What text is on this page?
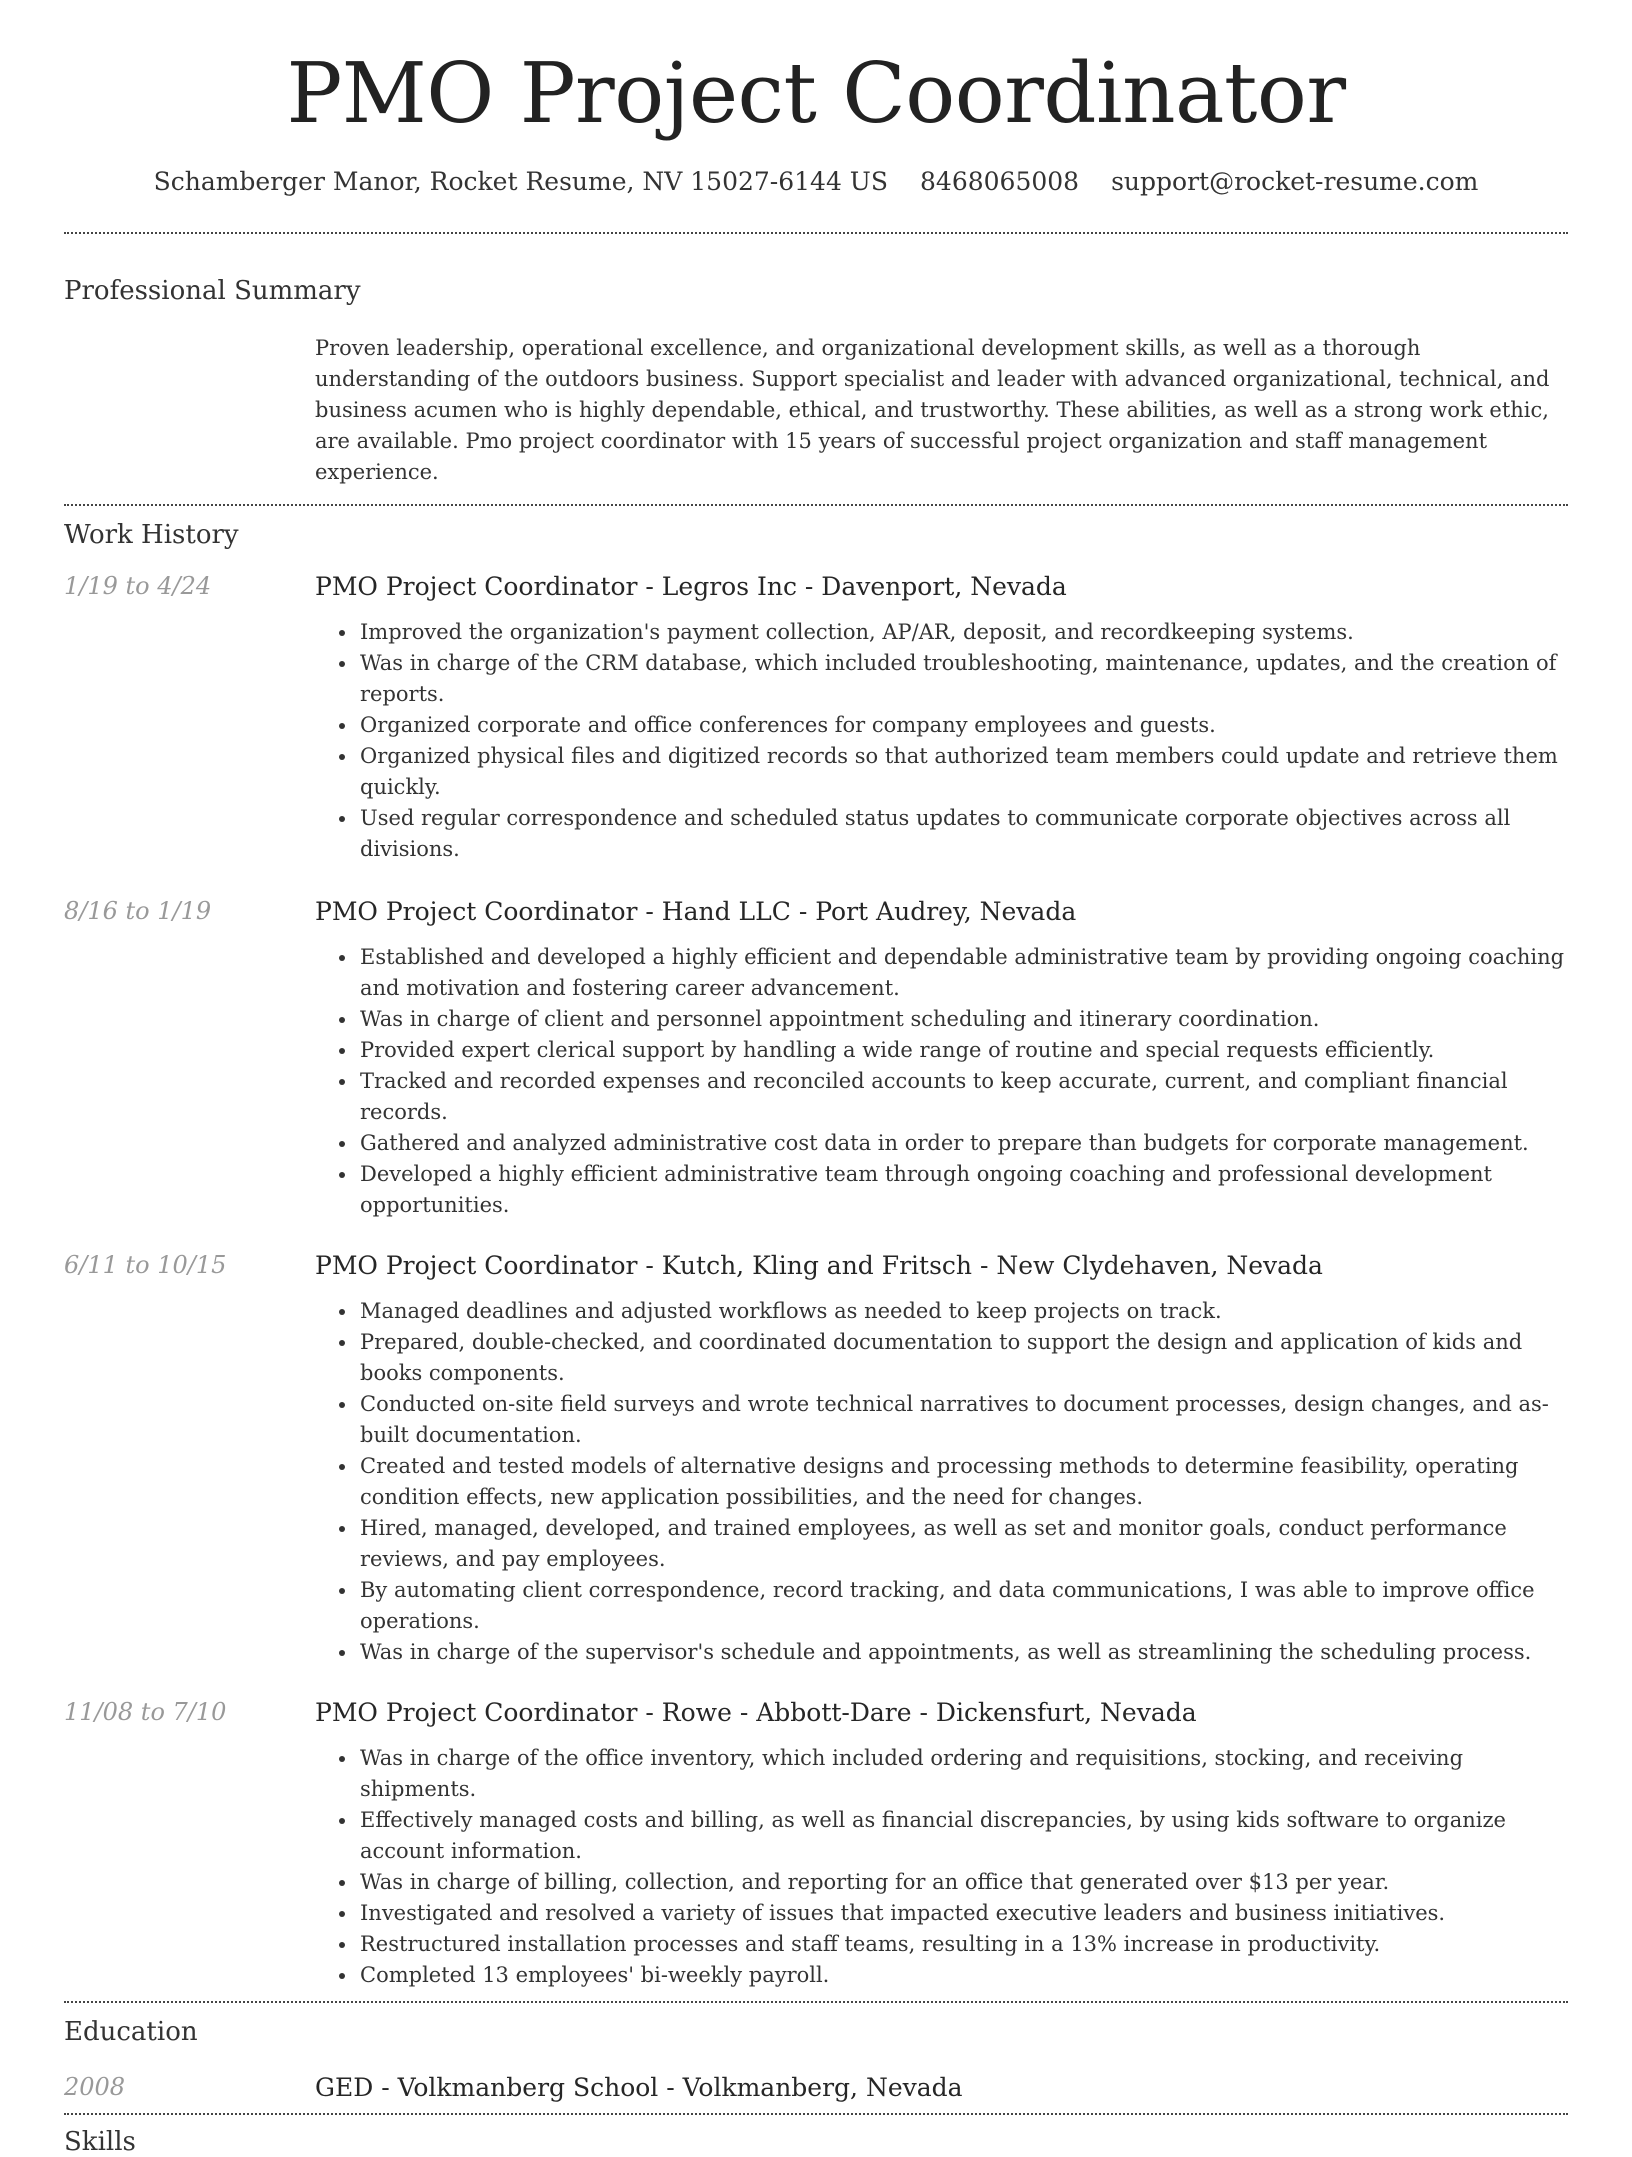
PMO Project Coordinator
Schamberger Manor, Rocket Resume, NV 15027-6144 US 8468065008 support@rocket-resume.com
Professional Summary

Proven leadership, operational excellence, and organizational development skills, as well as a thorough understanding of the outdoors business. Support specialist and leader with advanced organizational, technical, and business acumen who is highly dependable, ethical, and trustworthy. These abilities, as well as a strong work ethic, are available. Pmo project coordinator with 15 years of successful project organization and staff management experience.

Work History
1/19 to 4/24	PMO Project Coordinator - Legros Inc - Davenport, Nevada
• Improved the organization's payment collection, AP/AR, deposit, and recordkeeping systems.
• Was in charge of the CRM database, which included troubleshooting, maintenance, updates, and the creation of reports.
• Organized corporate and office conferences for company employees and guests.
• Organized physical files and digitized records so that authorized team members could update and retrieve them quickly.
• Used regular correspondence and scheduled status updates to communicate corporate objectives across all divisions.
8/16 to 1/19	PMO Project Coordinator - Hand LLC - Port Audrey, Nevada
• Established and developed a highly efficient and dependable administrative team by providing ongoing coaching and motivation and fostering career advancement.
• Was in charge of client and personnel appointment scheduling and itinerary coordination.
• Provided expert clerical support by handling a wide range of routine and special requests efficiently.
• Tracked and recorded expenses and reconciled accounts to keep accurate, current, and compliant financial records.
• Gathered and analyzed administrative cost data in order to prepare than budgets for corporate management.
• Developed a highly efficient administrative team through ongoing coaching and professional development opportunities.
6/11 to 10/15	PMO Project Coordinator - Kutch, Kling and Fritsch - New Clydehaven, Nevada
• Managed deadlines and adjusted workflows as needed to keep projects on track.
• Prepared, double-checked, and coordinated documentation to support the design and application of kids and books components.
• Conducted on-site field surveys and wrote technical narratives to document processes, design changes, and as-built documentation.
• Created and tested models of alternative designs and processing methods to determine feasibility, operating condition effects, new application possibilities, and the need for changes.
• Hired, managed, developed, and trained employees, as well as set and monitor goals, conduct performance reviews, and pay employees.
• By automating client correspondence, record tracking, and data communications, I was able to improve office operations.
• Was in charge of the supervisor's schedule and appointments, as well as streamlining the scheduling process.
11/08 to 7/10	PMO Project Coordinator - Rowe - Abbott-Dare - Dickensfurt, Nevada
• Was in charge of the office inventory, which included ordering and requisitions, stocking, and receiving shipments.
• Effectively managed costs and billing, as well as financial discrepancies, by using kids software to organize account information.
• Was in charge of billing, collection, and reporting for an office that generated over $13 per year.
• Investigated and resolved a variety of issues that impacted executive leaders and business initiatives.
• Restructured installation processes and staff teams, resulting in a 13% increase in productivity.
• Completed 13 employees' bi-weekly payroll.
Education
2008	GED - Volkmanberg School - Volkmanberg, Nevada
Skills
